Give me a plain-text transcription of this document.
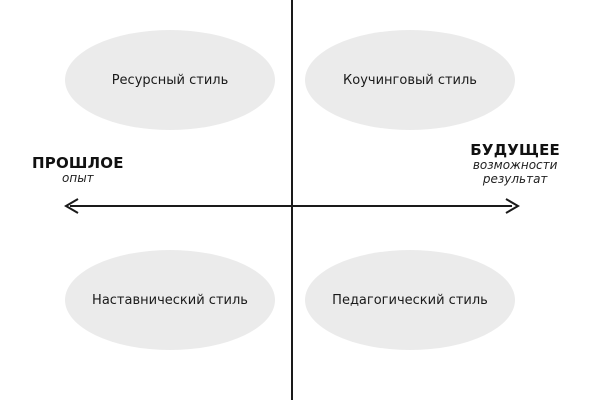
Ресурсный стиль	Коучинговый стиль
Наставнический стиль	Педагогический стиль
ПРОШЛОЕ
опыт
БУДУЩЕЕ
возможности
результат
